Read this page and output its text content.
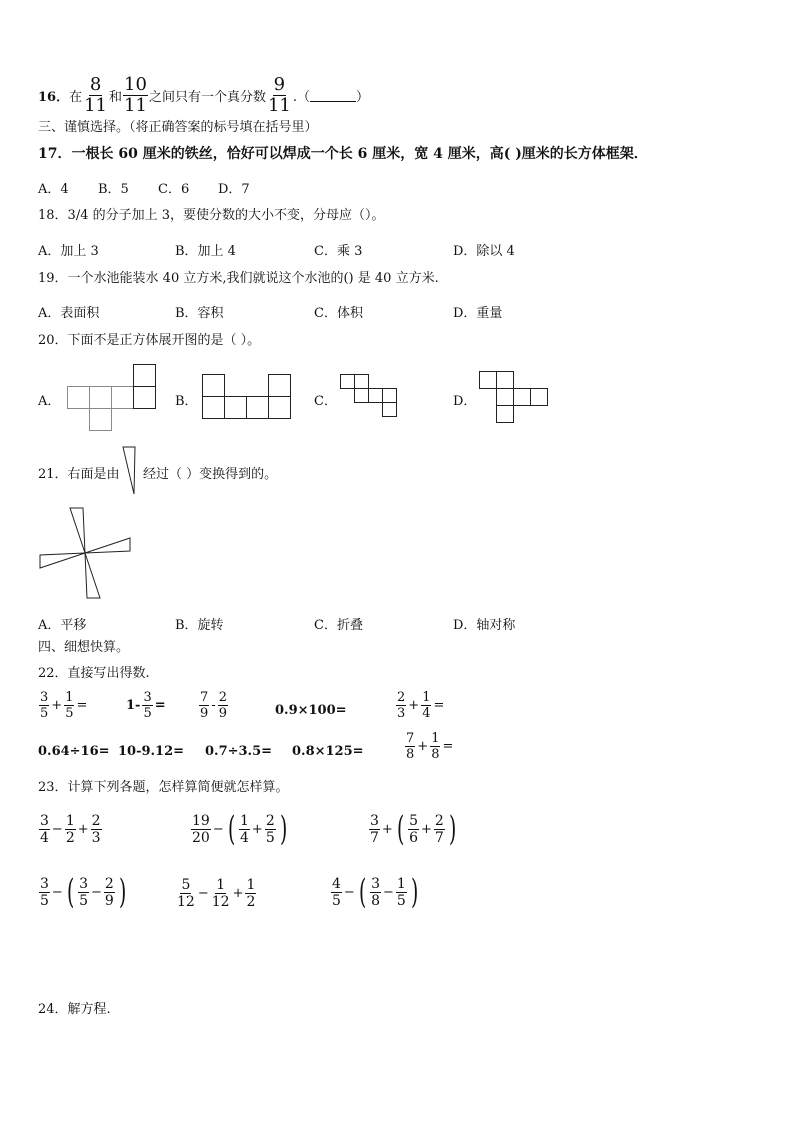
16． 在 $\frac{8}{11}$ 和 $\frac{10}{11}$ 之间只有一个真分数 $\frac{9}{11}$ .（	）
三、谨慎选择。（将正确答案的标号填在括号里）
17．一根长 60 厘米的铁丝，恰好可以焊成一个长 6 厘米，宽 4 厘米，高( )厘米的长方体框架．
A．4 B．5 C．6 D．7
18．3/4 的分子加上 3，要使分数的大小不变，分母应（）。
A．加上 3	B．加上 4	C．乘 3	D．除以 4
19．一个水池能装水 40 立方米,我们就说这个水池的() 是 40 立方米.
A．表面积	B．容积	C．体积	D．重量
20．下面不是正方体展开图的是（ ）。
A．	B．	C．	D．
21．右面是由 经过（ ）变换得到的。
A．平移	B．旋转	C．折叠	D．轴对称
四、细想快算。
22．直接写出得数.
$\frac{3}{5} + \frac{1}{5}$ =	$1- \frac{3}{5}$ =	$\frac{7}{9} - \frac{2}{9}$	0.9×100=	$\frac{2}{3} + \frac{1}{4}$ =
0.64÷16= 10-9.12= 0.7÷3.5= 0.8×125=	$\frac{7}{8} + \frac{1}{8}$ =
23．计算下列各题，怎样算简便就怎样算。
$\frac{3}{4} - \frac{1}{2} + \frac{2}{3}$	$\frac{19}{20}$ − ( $\frac{1}{4} + \frac{2}{5}$ )	$\frac{3}{7}$ + ( $\frac{5}{6} + \frac{2}{7}$ )
$\frac{3}{5}$ − ( $\frac{3}{5} - \frac{2}{9}$ )	$\frac{5}{12} - \frac{1}{12} + \frac{1}{2}$	$\frac{4}{5}$ − ( $\frac{3}{8} - \frac{1}{5}$ )
24．解方程.
